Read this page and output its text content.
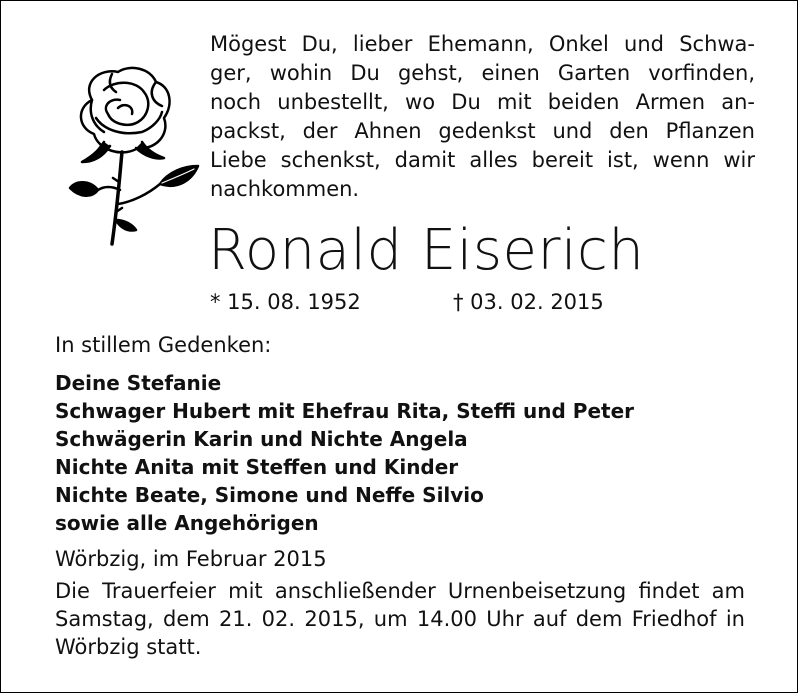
Mögest Du, lieber Ehemann, Onkel und Schwa-
ger, wohin Du gehst, einen Garten vorfinden,
noch unbestellt, wo Du mit beiden Armen an-
packst, der Ahnen gedenkst und den Pflanzen
Liebe schenkst, damit alles bereit ist, wenn wir
nachkommen.
Ronald Eiserich
* 15. 08. 1952	† 03. 02. 2015
In stillem Gedenken:
Deine Stefanie
Schwager Hubert mit Ehefrau Rita, Steffi und Peter
Schwägerin Karin und Nichte Angela
Nichte Anita mit Steffen und Kinder
Nichte Beate, Simone und Neffe Silvio
sowie alle Angehörigen
Wörbzig, im Februar 2015
Die Trauerfeier mit anschließender Urnenbeisetzung findet am
Samstag, dem 21. 02. 2015, um 14.00 Uhr auf dem Friedhof in
Wörbzig statt.
